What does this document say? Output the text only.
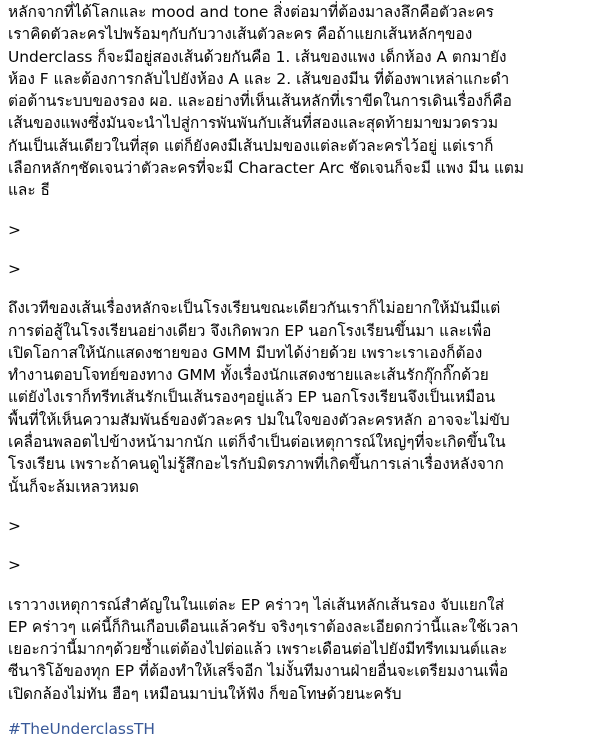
หลักจากที่ได้โลกและ mood and tone สิ่งต่อมาที่ต้องมาลงลึกคือตัวละคร
เราคิดตัวละครไปพร้อมๆกับกับวางเส้นตัวละคร คือถ้าแยกเส้นหลักๆของ
Underclass ก็จะมีอยู่สองเส้นด้วยกันคือ 1. เส้นของแพง เด็กห้อง A ตกมายัง
ห้อง F และต้องการกลับไปยังห้อง A และ 2. เส้นของมีน ที่ต้องพาเหล่าแกะดำ
ต่อต้านระบบของรอง ผอ. และอย่างที่เห็นเส้นหลักที่เราขีดในการเดินเรื่องก็คือ
เส้นของแพงซึ่งมันจะนำไปสู่การพันพันกับเส้นที่สองและสุดท้ายมาขมวดรวม
กันเป็นเส้นเดียวในที่สุด แต่ก็ยังคงมีเส้นปมของแต่ละตัวละครไว้อยู่ แต่เราก็
เลือกหลักๆชัดเจนว่าตัวละครที่จะมี Character Arc ชัดเจนก็จะมี แพง มีน แตม
และ ธี
>
>
ถึงเวทีของเส้นเรื่องหลักจะเป็นโรงเรียนขณะเดียวกันเราก็ไม่อยากให้มันมีแต่
การต่อสู้ในโรงเรียนอย่างเดียว จึงเกิดพวก EP นอกโรงเรียนขึ้นมา และเพื่อ
เปิดโอกาสให้นักแสดงชายของ GMM มีบทได้ง่ายด้วย เพราะเราเองก็ต้อง
ทำงานตอบโจทย์ของทาง GMM ทั้งเรื่องนักแสดงชายและเส้นรักกุ๊กกิ๊กด้วย
แต่ยังไงเราก็ทรีทเส้นรักเป็นเส้นรองๆอยู่แล้ว EP นอกโรงเรียนจึงเป็นเหมือน
พื้นที่ให้เห็นความสัมพันธ์ของตัวละคร ปมในใจของตัวละครหลัก อาจจะไม่ขับ
เคลื่อนพลอตไปข้างหน้ามากนัก แต่ก็จำเป็นต่อเหตุการณ์ใหญ่ๆที่จะเกิดขึ้นใน
โรงเรียน เพราะถ้าคนดูไม่รู้สึกอะไรกับมิตรภาพที่เกิดขึ้นการเล่าเรื่องหลังจาก
นั้นก็จะล้มเหลวหมด
>
>
เราวางเหตุการณ์สำคัญในในแต่ละ EP คร่าวๆ ไล่เส้นหลักเส้นรอง จับแยกใส่
EP คร่าวๆ แค่นี้ก็กินเกือบเดือนแล้วครับ จริงๆเราต้องละเอียดกว่านี้และใช้เวลา
เยอะกว่านี้มากๆด้วยซ้ำแต่ต้องไปต่อแล้ว เพราะเดือนต่อไปยังมีทรีทเมนต์และ
ซีนาริโอ้ของทุก EP ที่ต้องทำให้เสร็จอีก ไม่งั้นทีมงานฝ่ายอื่นจะเตรียมงานเพื่อ
เปิดกล้องไม่ทัน ฮือๆ เหมือนมาบ่นให้ฟัง ก็ขอโทษด้วยนะครับ
#TheUnderclassTH
